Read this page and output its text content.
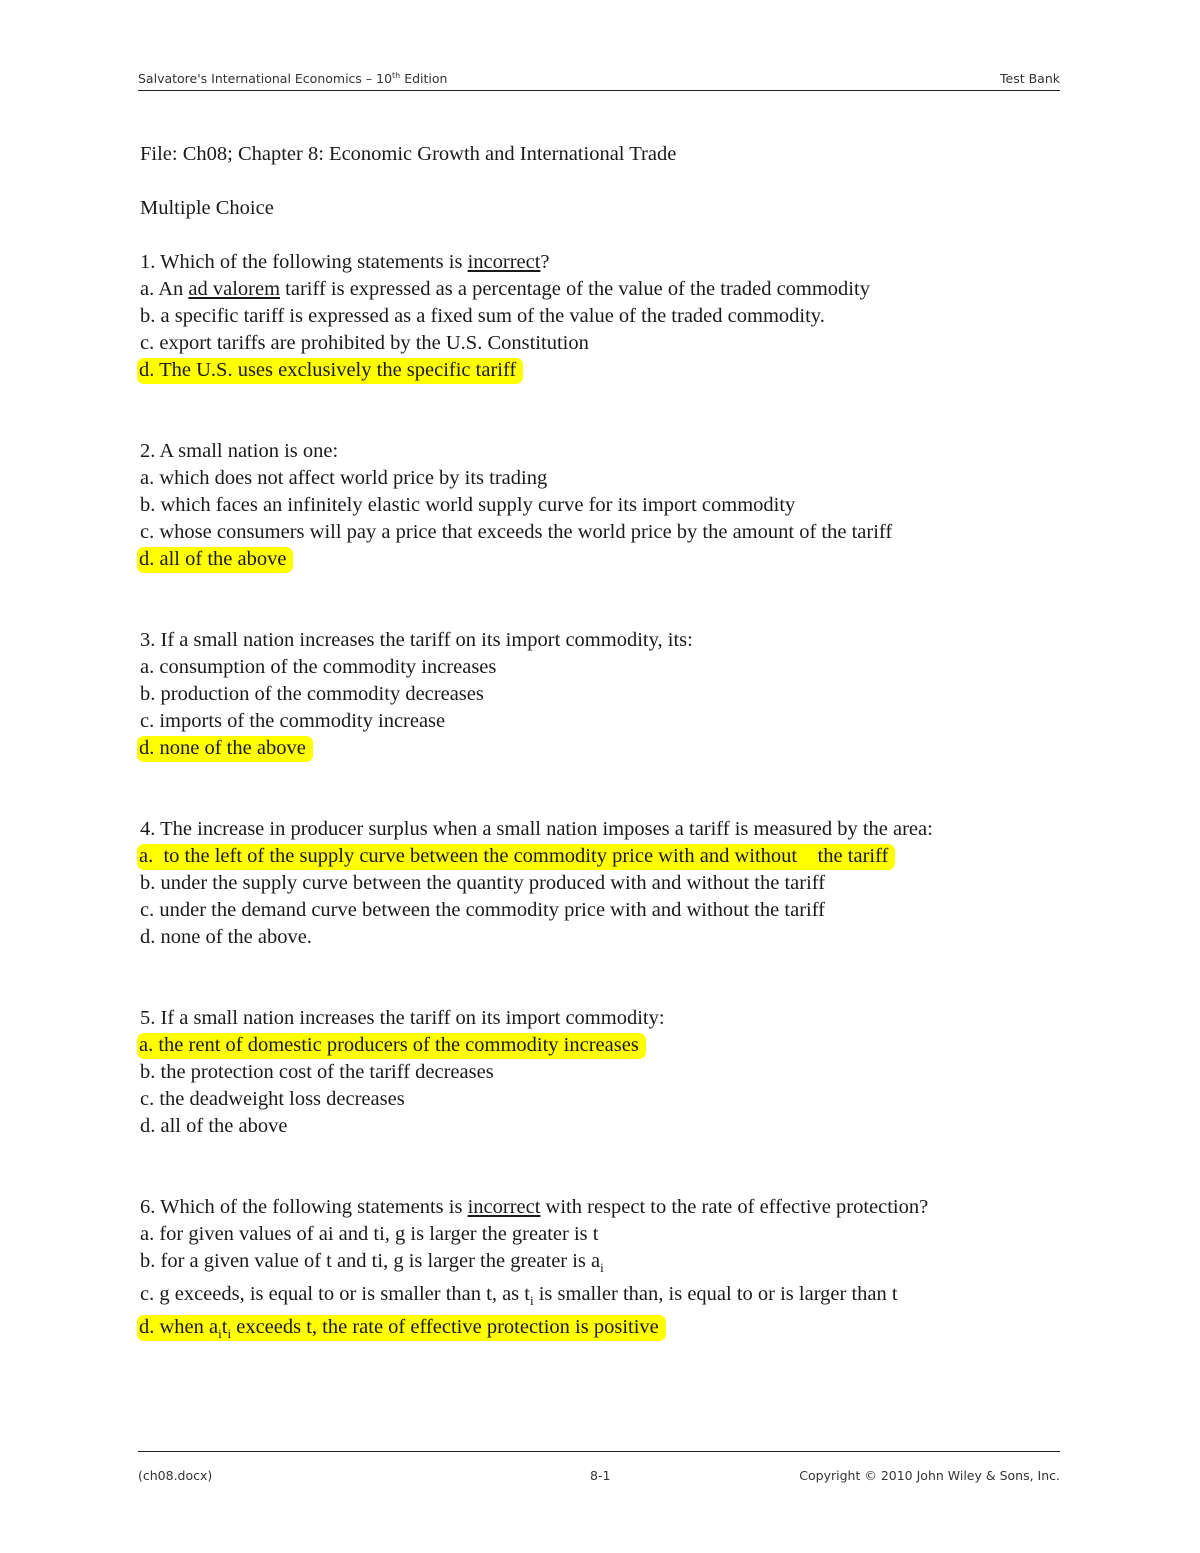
Salvatore's International Economics – 10th Edition	Test Bank

File: Ch08; Chapter 8: Economic Growth and International Trade

Multiple Choice

1. Which of the following statements is incorrect?

a. An ad valorem tariff is expressed as a percentage of the value of the traded commodity

b. a specific tariff is expressed as a fixed sum of the value of the traded commodity.

c. export tariffs are prohibited by the U.S. Constitution

d. The U.S. uses exclusively the specific tariff

2. A small nation is one:

a. which does not affect world price by its trading

b. which faces an infinitely elastic world supply curve for its import commodity

c. whose consumers will pay a price that exceeds the world price by the amount of the tariff

d. all of the above

3. If a small nation increases the tariff on its import commodity, its:

a. consumption of the commodity increases

b. production of the commodity decreases

c. imports of the commodity increase

d. none of the above

4. The increase in producer surplus when a small nation imposes a tariff is measured by the area:

a.  to the left of the supply curve between the commodity price with and without    the tariff

b. under the supply curve between the quantity produced with and without the tariff

c. under the demand curve between the commodity price with and without the tariff

d. none of the above.

5. If a small nation increases the tariff on its import commodity:

a. the rent of domestic producers of the commodity increases

b. the protection cost of the tariff decreases

c. the deadweight loss decreases

d. all of the above

6. Which of the following statements is incorrect with respect to the rate of effective protection?

a. for given values of ai and ti, g is larger the greater is t

b. for a given value of t and ti, g is larger the greater is $a_i$

c. g exceeds, is equal to or is smaller than t, as $t_i$ is smaller than, is equal to or is larger than t

d. when $a_it_i$ exceeds t, the rate of effective protection is positive

(ch08.docx)	8-1	Copyright © 2010 John Wiley & Sons, Inc.
